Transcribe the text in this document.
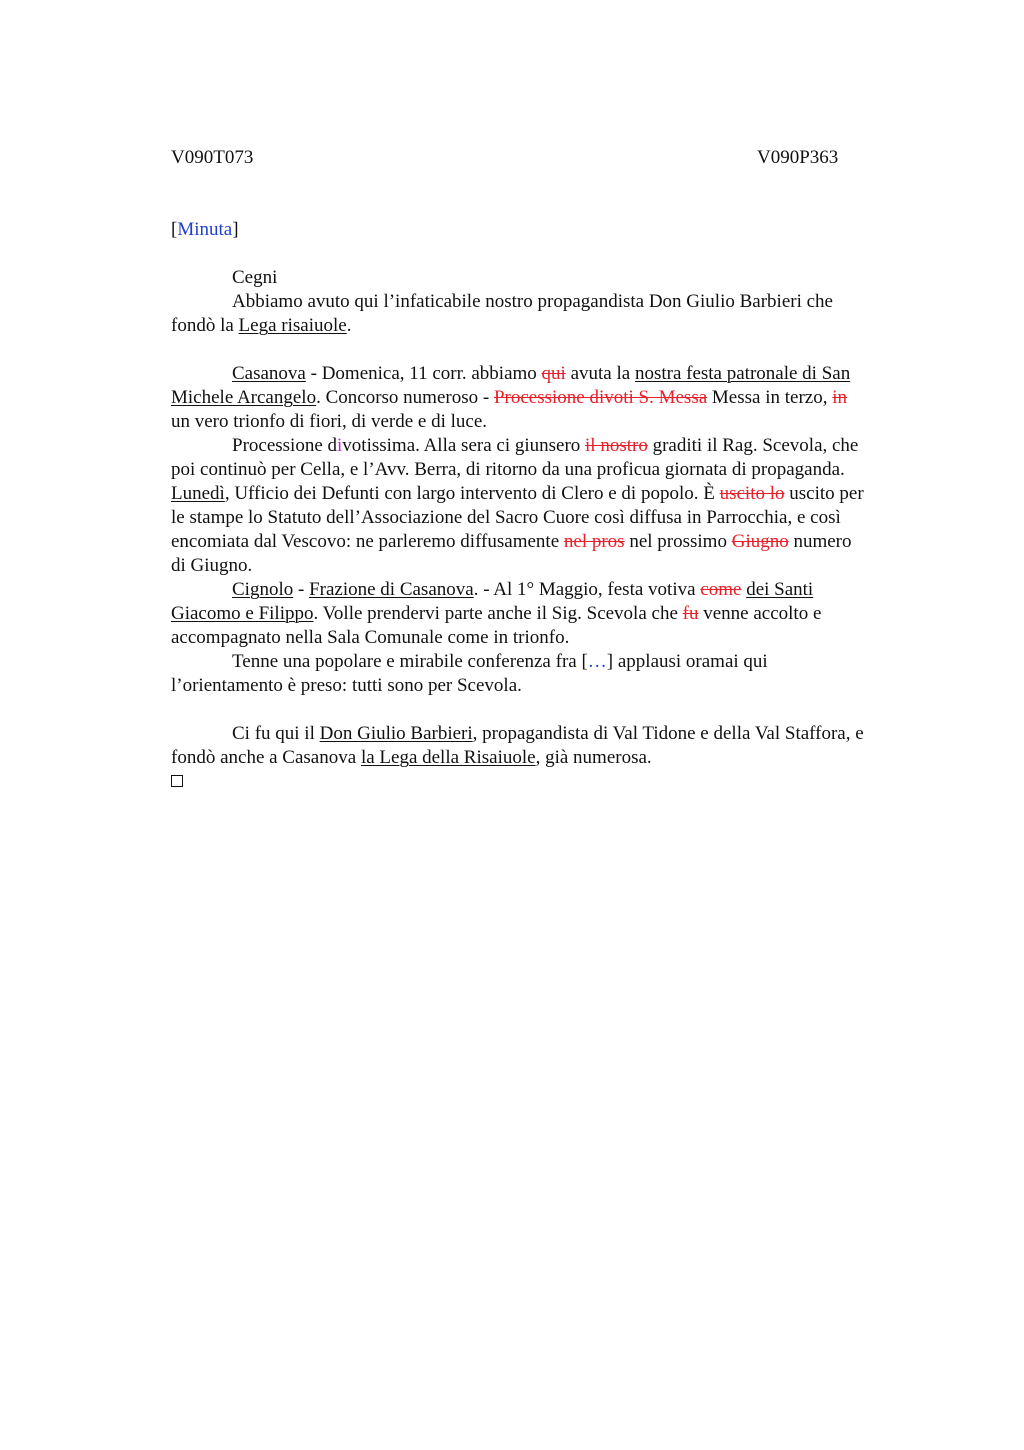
V090T073	V090P363
[Minuta]
Cegni
Abbiamo avuto qui l’infaticabile nostro propagandista Don Giulio Barbieri che
fondò la Lega risaiuole.
Casanova - Domenica, 11 corr. abbiamo qui avuta la nostra festa patronale di San
Michele Arcangelo. Concorso numeroso - Processione divoti S. Messa Messa in terzo, in
un vero trionfo di fiori, di verde e di luce.
Processione divotissima. Alla sera ci giunsero il nostro graditi il Rag. Scevola, che
poi continuò per Cella, e l’Avv. Berra, di ritorno da una proficua giornata di propaganda.
Lunedì, Ufficio dei Defunti con largo intervento di Clero e di popolo. È uscito lo uscito per
le stampe lo Statuto dell’Associazione del Sacro Cuore così diffusa in Parrocchia, e così
encomiata dal Vescovo: ne parleremo diffusamente nel pros nel prossimo Giugno numero
di Giugno.
Cignolo - Frazione di Casanova. - Al 1° Maggio, festa votiva come dei Santi
Giacomo e Filippo. Volle prendervi parte anche il Sig. Scevola che fu venne accolto e
accompagnato nella Sala Comunale come in trionfo.
Tenne una popolare e mirabile conferenza fra […] applausi oramai qui
l’orientamento è preso: tutti sono per Scevola.
Ci fu qui il Don Giulio Barbieri, propagandista di Val Tidone e della Val Staffora, e
fondò anche a Casanova la Lega della Risaiuole, già numerosa.
